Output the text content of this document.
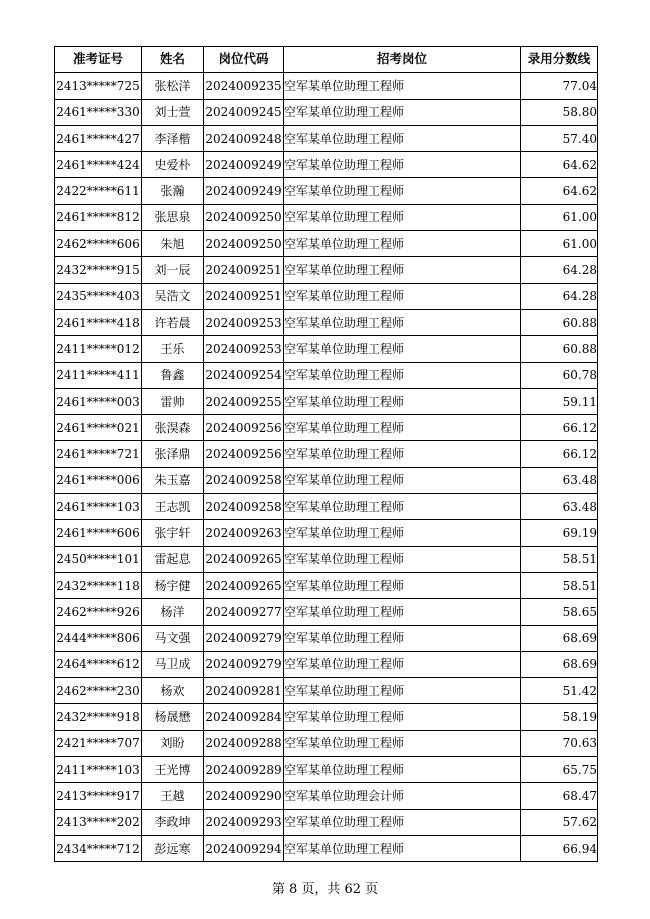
准考证号	姓名	岗位代码	招考岗位	录用分数线
2413*****725	张松洋	2024009235	空军某单位助理工程师	77.04
2461*****330	刘士萱	2024009245	空军某单位助理工程师	58.80
2461*****427	李泽楷	2024009248	空军某单位助理工程师	57.40
2461*****424	史爱朴	2024009249	空军某单位助理工程师	64.62
2422*****611	张瀚	2024009249	空军某单位助理工程师	64.62
2461*****812	张思泉	2024009250	空军某单位助理工程师	61.00
2462*****606	朱旭	2024009250	空军某单位助理工程师	61.00
2432*****915	刘一辰	2024009251	空军某单位助理工程师	64.28
2435*****403	吴浩文	2024009251	空军某单位助理工程师	64.28
2461*****418	许若晨	2024009253	空军某单位助理工程师	60.88
2411*****012	王乐	2024009253	空军某单位助理工程师	60.88
2411*****411	鲁鑫	2024009254	空军某单位助理工程师	60.78
2461*****003	雷帅	2024009255	空军某单位助理工程师	59.11
2461*****021	张淏森	2024009256	空军某单位助理工程师	66.12
2461*****721	张泽鼎	2024009256	空军某单位助理工程师	66.12
2461*****006	朱玉嘉	2024009258	空军某单位助理工程师	63.48
2461*****103	王志凯	2024009258	空军某单位助理工程师	63.48
2461*****606	张宇轩	2024009263	空军某单位助理工程师	69.19
2450*****101	雷起息	2024009265	空军某单位助理工程师	58.51
2432*****118	杨宇健	2024009265	空军某单位助理工程师	58.51
2462*****926	杨洋	2024009277	空军某单位助理工程师	58.65
2444*****806	马文强	2024009279	空军某单位助理工程师	68.69
2464*****612	马卫成	2024009279	空军某单位助理工程师	68.69
2462*****230	杨欢	2024009281	空军某单位助理工程师	51.42
2432*****918	杨晟懋	2024009284	空军某单位助理工程师	58.19
2421*****707	刘盼	2024009288	空军某单位助理工程师	70.63
2411*****103	王光博	2024009289	空军某单位助理工程师	65.75
2413*****917	王越	2024009290	空军某单位助理会计师	68.47
2413*****202	李政坤	2024009293	空军某单位助理工程师	57.62
2434*****712	彭远寒	2024009294	空军某单位助理工程师	66.94
第 8 页，共 62 页
